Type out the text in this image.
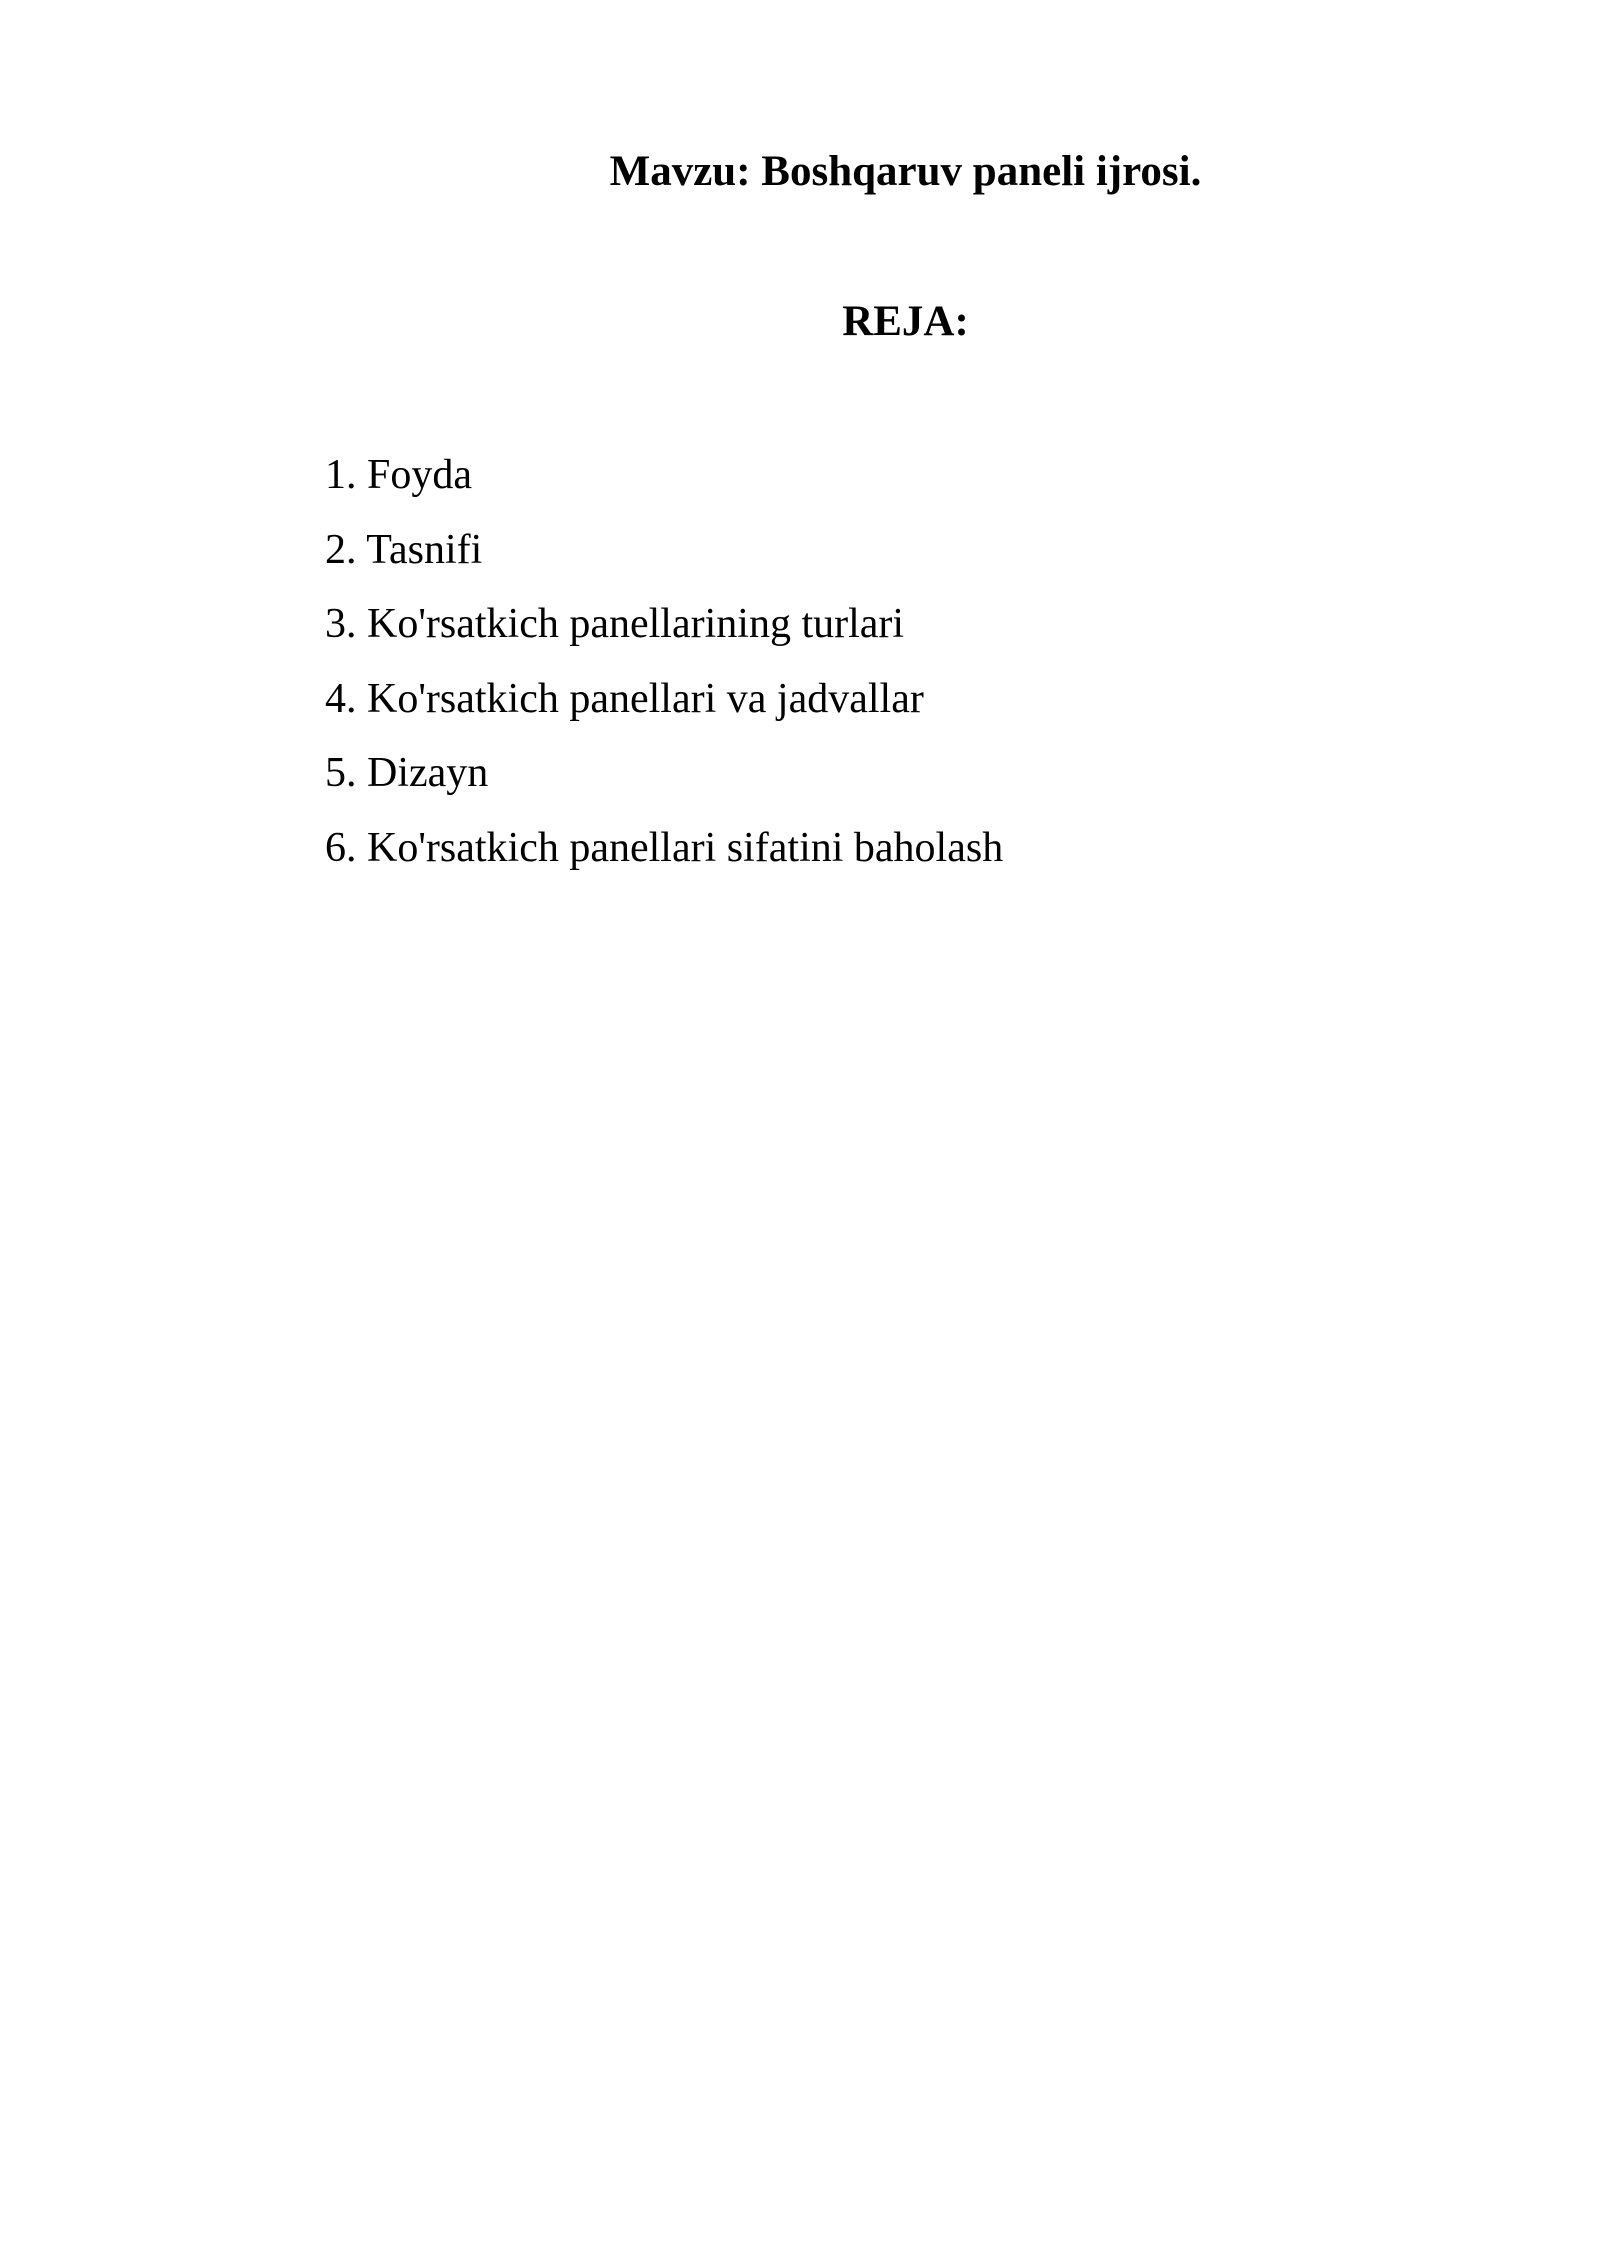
Mavzu: Boshqaruv paneli ijrosi.
REJA:
1. Foyda
2. Tasnifi
3. Ko'rsatkich panellarining turlari
4. Ko'rsatkich panellari va jadvallar
5. Dizayn
6. Ko'rsatkich panellari sifatini baholash
